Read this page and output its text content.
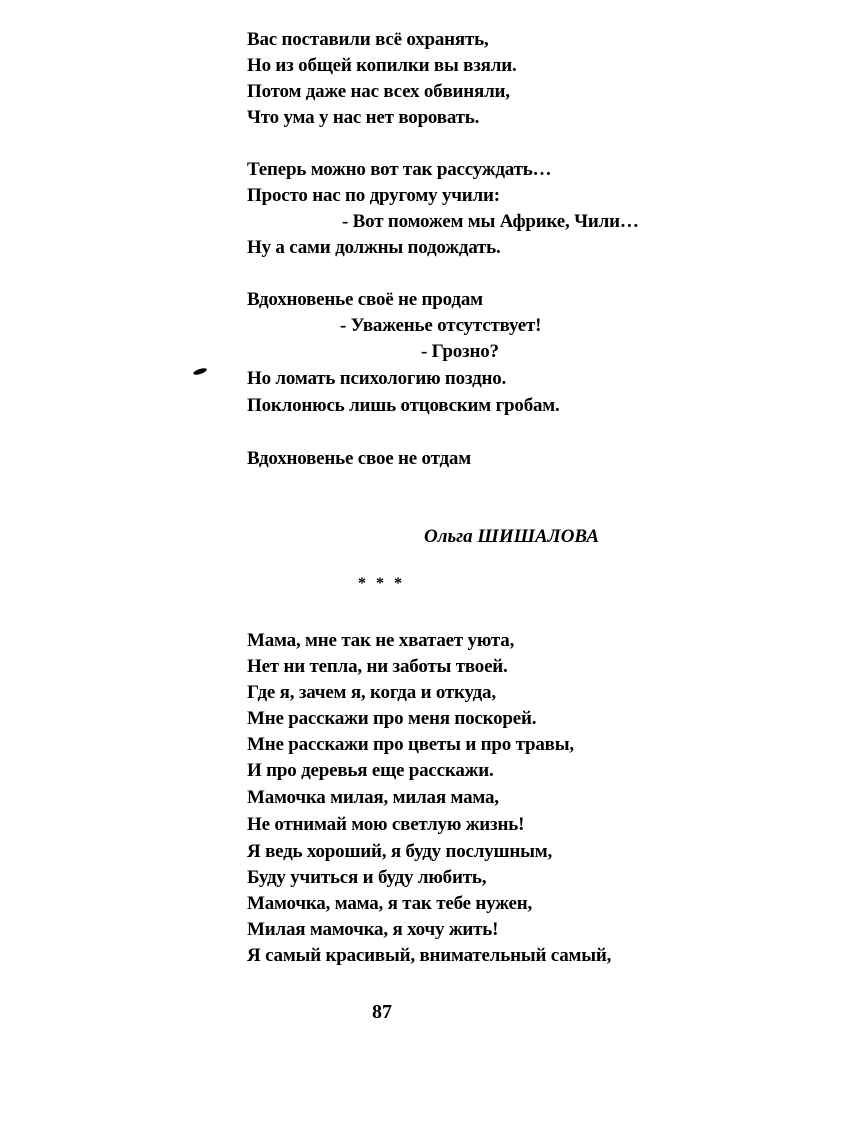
Вас поставили всё охранять,
Но из общей копилки вы взяли.
Потом даже нас всех обвиняли,
Что ума у нас нет воровать.
Теперь можно вот так рассуждать…
Просто нас по другому учили:
- Вот поможем мы Африке, Чили…
Ну а сами должны подождать.
Вдохновенье своё не продам
- Уваженье отсутствует!
- Грозно?
Но ломать психологию поздно.
Поклонюсь лишь отцовским гробам.
Вдохновенье свое не отдам
Ольга ШИШАЛОВА
* * *
Мама, мне так не хватает уюта,
Нет ни тепла, ни заботы твоей.
Где я, зачем я, когда и откуда,
Мне расскажи про меня поскорей.
Мне расскажи про цветы и про травы,
И про деревья еще расскажи.
Мамочка милая, милая мама,
Не отнимай мою светлую жизнь!
Я ведь хороший, я буду послушным,
Буду учиться и буду любить,
Мамочка, мама, я так тебе нужен,
Милая мамочка, я хочу жить!
Я самый красивый, внимательный самый,
87
